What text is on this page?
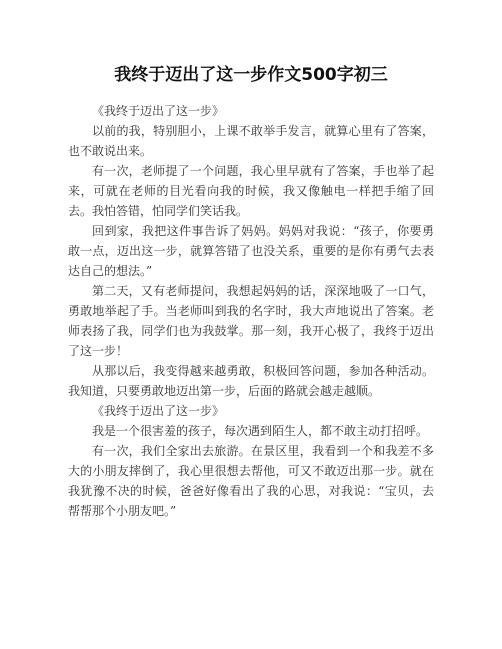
我终于迈出了这一步作文500字初三

《我终于迈出了这一步》

以前的我，特别胆小，上课不敢举手发言，就算心里有了答案，也不敢说出来。

有一次，老师提了一个问题，我心里早就有了答案，手也举了起来，可就在老师的目光看向我的时候，我又像触电一样把手缩了回去。我怕答错，怕同学们笑话我。

回到家，我把这件事告诉了妈妈。妈妈对我说：“孩子，你要勇敢一点，迈出这一步，就算答错了也没关系，重要的是你有勇气去表达自己的想法。”

第二天，又有老师提问，我想起妈妈的话，深深地吸了一口气，勇敢地举起了手。当老师叫到我的名字时，我大声地说出了答案。老师表扬了我，同学们也为我鼓掌。那一刻，我开心极了，我终于迈出了这一步！

从那以后，我变得越来越勇敢，积极回答问题，参加各种活动。我知道，只要勇敢地迈出第一步，后面的路就会越走越顺。

《我终于迈出了这一步》

我是一个很害羞的孩子，每次遇到陌生人，都不敢主动打招呼。

有一次，我们全家出去旅游。在景区里，我看到一个和我差不多大的小朋友摔倒了，我心里很想去帮他，可又不敢迈出那一步。就在我犹豫不决的时候，爸爸好像看出了我的心思，对我说：“宝贝，去帮帮那个小朋友吧。”
